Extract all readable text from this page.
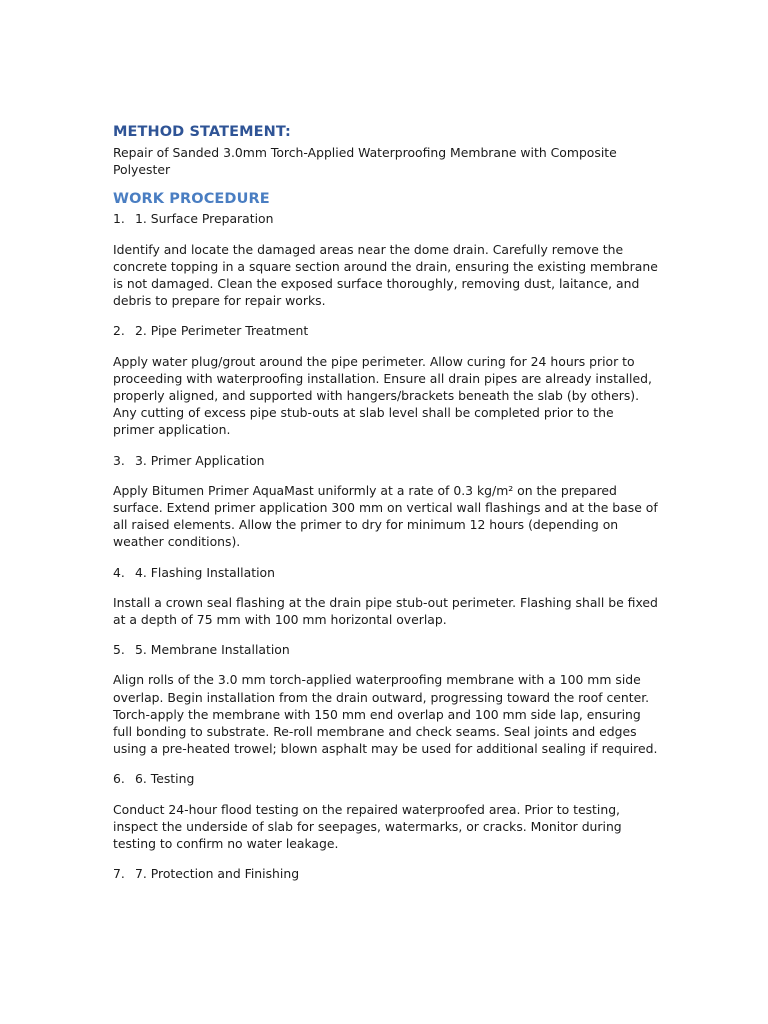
METHOD STATEMENT:

Repair of Sanded 3.0mm Torch-Applied Waterproofing Membrane with Composite Polyester

WORK PROCEDURE

1. 1. Surface Preparation

Identify and locate the damaged areas near the dome drain. Carefully remove the concrete topping in a square section around the drain, ensuring the existing membrane is not damaged. Clean the exposed surface thoroughly, removing dust, laitance, and debris to prepare for repair works.

2. 2. Pipe Perimeter Treatment

Apply water plug/grout around the pipe perimeter. Allow curing for 24 hours prior to proceeding with waterproofing installation. Ensure all drain pipes are already installed, properly aligned, and supported with hangers/brackets beneath the slab (by others). Any cutting of excess pipe stub-outs at slab level shall be completed prior to the primer application.

3. 3. Primer Application

Apply Bitumen Primer AquaMast uniformly at a rate of 0.3 kg/m² on the prepared surface. Extend primer application 300 mm on vertical wall flashings and at the base of all raised elements. Allow the primer to dry for minimum 12 hours (depending on weather conditions).

4. 4. Flashing Installation

Install a crown seal flashing at the drain pipe stub-out perimeter. Flashing shall be fixed at a depth of 75 mm with 100 mm horizontal overlap.

5. 5. Membrane Installation

Align rolls of the 3.0 mm torch-applied waterproofing membrane with a 100 mm side overlap. Begin installation from the drain outward, progressing toward the roof center. Torch-apply the membrane with 150 mm end overlap and 100 mm side lap, ensuring full bonding to substrate. Re-roll membrane and check seams. Seal joints and edges using a pre-heated trowel; blown asphalt may be used for additional sealing if required.

6. 6. Testing

Conduct 24-hour flood testing on the repaired waterproofed area. Prior to testing, inspect the underside of slab for seepages, watermarks, or cracks. Monitor during testing to confirm no water leakage.

7. 7. Protection and Finishing
